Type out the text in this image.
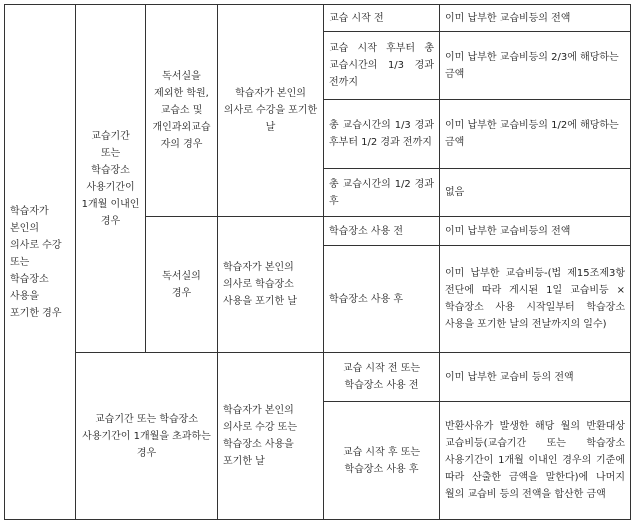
학습자가 본인의 의사로 수강 또는 학습장소 사용을 포기한 경우	교습기간 또는 학습장소 사용기간이 1개월 이내인 경우	독서실을 제외한 학원, 교습소 및 개인과외교습자의 경우	학습자가 본인의 의사로 수강을 포기한 날	교습 시작 전	이미 납부한 교습비등의 전액
				교습 시작 후부터 총 교습시간의 1/3 경과 전까지	이미 납부한 교습비등의 2/3에 해당하는 금액
				총 교습시간의 1/3 경과 후부터 1/2 경과 전까지	이미 납부한 교습비등의 1/2에 해당하는 금액
				총 교습시간의 1/2 경과 후	없음
		독서실의 경우	학습자가 본인의 의사로 학습장소 사용을 포기한 날	학습장소 사용 전	이미 납부한 교습비등의 전액
				학습장소 사용 후	이미 납부한 교습비등-(법 제15조제3항 전단에 따라 게시된 1일 교습비등 × 학습장소 사용 시작일부터 학습장소 사용을 포기한 날의 전날까지의 일수)
	교습기간 또는 학습장소 사용기간이 1개월을 초과하는 경우		학습자가 본인의 의사로 수강 또는 학습장소 사용을 포기한 날	교습 시작 전 또는 학습장소 사용 전	이미 납부한 교습비 등의 전액
				교습 시작 후 또는 학습장소 사용 후	반환사유가 발생한 해당 월의 반환대상 교습비등(교습기간 또는 학습장소 사용기간이 1개월 이내인 경우의 기준에 따라 산출한 금액을 말한다)에 나머지 월의 교습비 등의 전액을 합산한 금액
